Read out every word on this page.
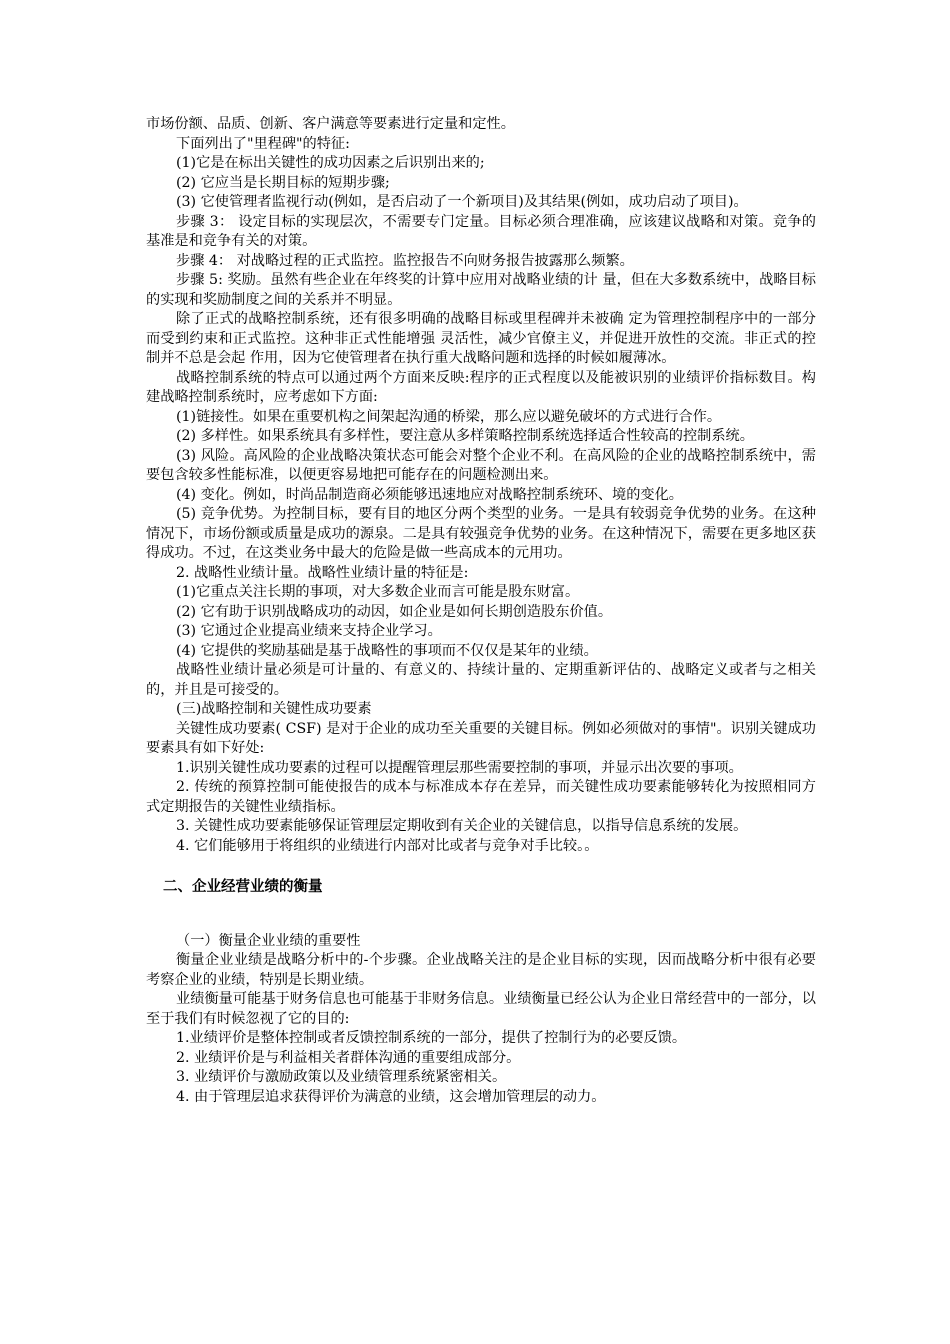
市场份额、品质、创新、客户满意等要素进行定量和定性。

下面列出了"里程碑"的特征:

(1)它是在标出关键性的成功因素之后识别出来的;

(2) 它应当是长期目标的短期步骤;

(3) 它使管理者监视行动(例如，是否启动了一个新项目)及其结果(例如，成功启动了项目)。

步骤 3： 设定目标的实现层次，不需要专门定量。目标必须合理准确，应该建议战略和对策。竞争的基准是和竞争有关的对策。

步骤 4： 对战略过程的正式监控。监控报告不向财务报告披露那么频繁。

步骤 5: 奖励。虽然有些企业在年终奖的计算中应用对战略业绩的计 量，但在大多数系统中，战略目标的实现和奖励制度之间的关系并不明显。

除了正式的战略控制系统，还有很多明确的战略目标或里程碑并未被确 定为管理控制程序中的一部分而受到约束和正式监控。这种非正式性能增强 灵活性，减少官僚主义，并促进开放性的交流。非正式的控制并不总是会起 作用，因为它使管理者在执行重大战略问题和选择的时候如履薄冰。

战略控制系统的特点可以通过两个方面来反映:程序的正式程度以及能被识别的业绩评价指标数目。构建战略控制系统时，应考虑如下方面:

(1)链接性。如果在重要机构之间架起沟通的桥梁，那么应以避免破坏的方式进行合作。

(2) 多样性。如果系统具有多样性，要注意从多样策略控制系统选择适合性较高的控制系统。

(3) 风险。高风险的企业战略决策状态可能会对整个企业不利。在高风险的企业的战略控制系统中，需要包含较多性能标准，以便更容易地把可能存在的问题检测出来。

(4) 变化。例如，时尚品制造商必须能够迅速地应对战略控制系统环、境的变化。

(5) 竞争优势。为控制目标，要有目的地区分两个类型的业务。一是具有较弱竞争优势的业务。在这种情况下，市场份额或质量是成功的源泉。二是具有较强竞争优势的业务。在这种情况下，需要在更多地区获得成功。不过，在这类业务中最大的危险是做一些高成本的元用功。

2. 战略性业绩计量。战略性业绩计量的特征是:

(1)它重点关注长期的事项，对大多数企业而言可能是股东财富。

(2) 它有助于识别战略成功的动因，如企业是如何长期创造股东价值。

(3) 它通过企业提高业绩来支持企业学习。

(4) 它提供的奖励基础是基于战略性的事项而不仅仅是某年的业绩。

战略性业绩计量必须是可计量的、有意义的、持续计量的、定期重新评估的、战略定义或者与之相关的，并且是可接受的。

(三)战略控制和关键性成功要素

关键性成功要素( CSF) 是对于企业的成功至关重要的关键目标。例如必须做对的事情"。识别关键成功要素具有如下好处:

1.识别关键性成功要素的过程可以提醒管理层那些需要控制的事项，并显示出次要的事项。

2. 传统的预算控制可能使报告的成本与标准成本存在差异，而关键性成功要素能够转化为按照相同方式定期报告的关键性业绩指标。

3. 关键性成功要素能够保证管理层定期收到有关企业的关键信息，以指导信息系统的发展。

4. 它们能够用于将组织的业绩进行内部对比或者与竞争对手比较。。

二、企业经营业绩的衡量

（一）衡量企业业绩的重要性

衡量企业业绩是战略分析中的-个步骤。企业战略关注的是企业目标的实现，因而战略分析中很有必要考察企业的业绩，特别是长期业绩。

业绩衡量可能基于财务信息也可能基于非财务信息。业绩衡量已经公认为企业日常经营中的一部分，以至于我们有时候忽视了它的目的:

1.业绩评价是整体控制或者反馈控制系统的一部分，提供了控制行为的必要反馈。

2. 业绩评价是与利益相关者群体沟通的重要组成部分。

3. 业绩评价与激励政策以及业绩管理系统紧密相关。

4. 由于管理层追求获得评价为满意的业绩，这会增加管理层的动力。
